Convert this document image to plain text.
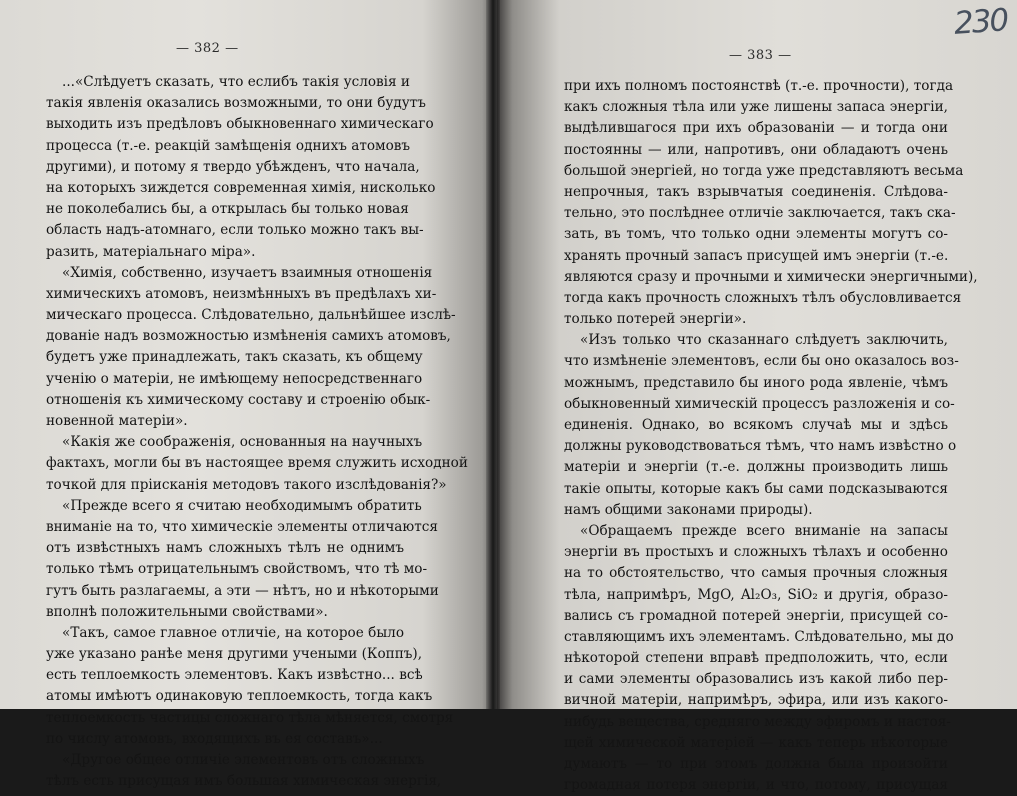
— 382 —
...«Слѣдуетъ сказать, что еслибъ такія условія и
такія явленія оказались возможными, то они будутъ
выходить изъ предѣловъ обыкновеннаго химическаго
процесса (т.-е. реакцій замѣщенія однихъ атомовъ
другими), и потому я твердо убѣжденъ, что начала,
на которыхъ зиждется современная химія, нисколько
не поколебались бы, а открылась бы только новая
область надъ-атомнаго, если только можно такъ вы-
разить, матеріальнаго міра».
«Химія, собственно, изучаетъ взаимныя отношенія
химическихъ атомовъ, неизмѣнныхъ въ предѣлахъ хи-
мическаго процесса. Слѣдовательно, дальнѣйшее изслѣ-
дованіе надъ возможностью измѣненія самихъ атомовъ,
будетъ уже принадлежать, такъ сказать, къ общему
ученію о матеріи, не имѣющему непосредственнаго
отношенія къ химическому составу и строенію обык-
новенной матеріи».
«Какія же соображенія, основанныя на научныхъ
фактахъ, могли бы въ настоящее время служить исходной
точкой для пріисканія методовъ такого изслѣдованія?»
«Прежде всего я считаю необходимымъ обратить
вниманіе на то, что химическіе элементы отличаются
отъ извѣстныхъ намъ сложныхъ тѣлъ не однимъ
только тѣмъ отрицательнымъ свойствомъ, что тѣ мо-
гутъ быть разлагаемы, а эти — нѣтъ, но и нѣкоторыми
вполнѣ положительными свойствами».
«Такъ, самое главное отличіе, на которое было
уже указано ранѣе меня другими учеными (Коппъ),
есть теплоемкость элементовъ. Какъ извѣстно... всѣ
атомы имѣютъ одинаковую теплоемкость, тогда какъ
теплоемкость частицы сложнаго тѣла мѣняется, смотря
по числу атомовъ, входящихъ въ ея составъ»...
«Другое общее отличіе элементовъ отъ сложныхъ
тѣлъ есть присущая имъ большая химическая энергія,
— 383 —
при ихъ полномъ постоянствѣ (т.-е. прочности), тогда
какъ сложныя тѣла или уже лишены запаса энергіи,
выдѣлившагося при ихъ образованіи — и тогда они
постоянны — или, напротивъ, они обладаютъ очень
большой энергіей, но тогда уже представляютъ весьма
непрочныя, такъ взрывчатыя соединенія. Слѣдова-
тельно, это послѣднее отличіе заключается, такъ ска-
зать, въ томъ, что только одни элементы могутъ со-
хранять прочный запасъ присущей имъ энергіи (т.-е.
являются сразу и прочными и химически энергичными),
тогда какъ прочность сложныхъ тѣлъ обусловливается
только потерей энергіи».
«Изъ только что сказаннаго слѣдуетъ заключить,
что измѣненіе элементовъ, если бы оно оказалось воз-
можнымъ, представило бы иного рода явленіе, чѣмъ
обыкновенный химическій процессъ разложенія и со-
единенія. Однако, во всякомъ случаѣ мы и здѣсь
должны руководствоваться тѣмъ, что намъ извѣстно о
матеріи и энергіи (т.-е. должны производить лишь
такіе опыты, которые какъ бы сами подсказываются
намъ общими законами природы).
«Обращаемъ прежде всего вниманіе на запасы
энергіи въ простыхъ и сложныхъ тѣлахъ и особенно
на то обстоятельство, что самыя прочныя сложныя
тѣла, напримѣръ, MgO, Al₂O₃, SiO₂ и другія, образо-
вались съ громадной потерей энергіи, присущей со-
ставляющимъ ихъ элементамъ. Слѣдовательно, мы до
нѣкоторой степени вправѣ предположить, что, если
и сами элементы образовались изъ какой либо пер-
вичной матеріи, напримѣръ, эфира, или изъ какого-
нибудь вещества, средняго между эфиромъ и настоя-
щей химической матеріей — какъ теперь нѣкоторые
думаютъ — то при этомъ должна была произойти
громадная потеря энергіи, и что, потому, присущая
230
